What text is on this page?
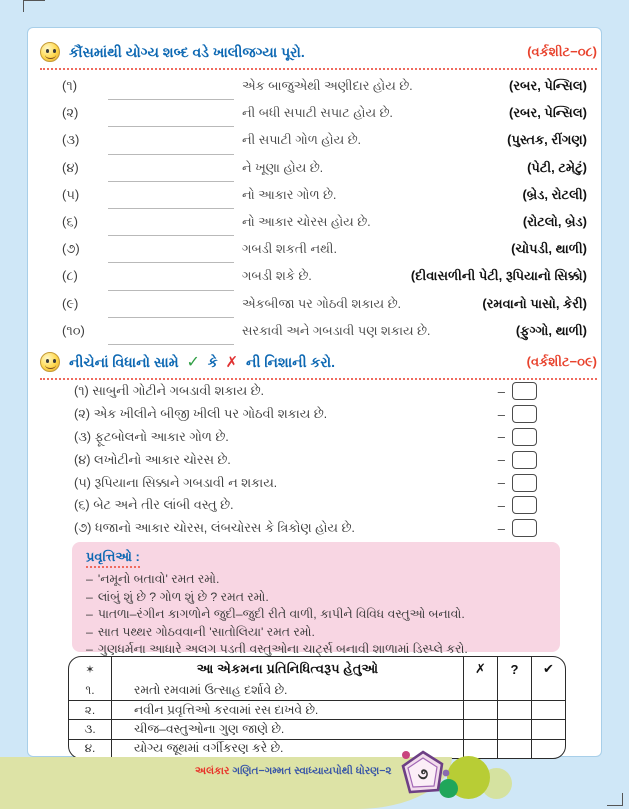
કૌંસમાંથી યોગ્ય શબ્દ વડે ખાલીજગ્યા પૂરો.	(વર્કશીટ−૦૮)
(૧)	એક બાજુએથી અણીદાર હોય છે.	(રબર, પેન્સિલ)
(૨)	ની બધી સપાટી સપાટ હોય છે.	(રબર, પેન્સિલ)
(૩)	ની સપાટી ગોળ હોય છે.	(પુસ્તક, રીંગણ)
(૪)	ને ખૂણા હોય છે.	(પેટી, ટમેટું)
(૫)	નો આકાર ગોળ છે.	(બ્રેડ, રોટલી)
(૬)	નો આકાર ચોરસ હોય છે.	(રોટલો, બ્રેડ)
(૭)	ગબડી શકતી નથી.	(ચોપડી, થાળી)
(૮)	ગબડી શકે છે.	(દીવાસળીની પેટી, રૂપિયાનો સિક્કો)
(૯)	એકબીજા પર ગોઠવી શકાય છે.	(રમવાનો પાસો, કેરી)
(૧૦)	સરકાવી અને ગબડાવી પણ શકાય છે.	(ફુગ્ગો, થાળી)
નીચેનાં વિધાનો સામે ✓ કે ✗ ની નિશાની કરો.	(વર્કશીટ−૦૯)
(૧) સાબુની ગોટીને ગબડાવી શકાય છે.	–
(૨) એક ખીલીને બીજી ખીલી પર ગોઠવી શકાય છે.	–
(૩) ફૂટબોલનો આકાર ગોળ છે.	–
(૪) લખોટીનો આકાર ચોરસ છે.	–
(૫) રૂપિયાના સિક્કાને ગબડાવી ન શકાય.	–
(૬) બેટ અને તીર લાંબી વસ્તુ છે.	–
(૭) ધજાનો આકાર ચોરસ, લંબચોરસ કે ત્રિકોણ હોય છે.	–
પ્રવૃત્તિઓ :
– 'નમૂનો બતાવો' રમત રમો.
– લાંબું શું છે ? ગોળ શું છે ? રમત રમો.
– પાતળા–રંગીન કાગળોને જુદી–જુદી રીતે વાળી, કાપીને વિવિધ વસ્તુઓ બનાવો.
– સાત પથ્થર ગોઠવવાની 'સાતોલિયા' રમત રમો.
– ગુણધર્મના આધારે અલગ પડતી વસ્તુઓના ચાર્ટ્સ બનાવી શાળામાં ડિસ્પ્લે કરો.
✶	આ એકમના પ્રતિનિધિત્વરૂપ હેતુઓ	✗	?	✔
૧.	રમતો રમવામાં ઉત્સાહ દર્શાવે છે.
૨.	નવીન પ્રવૃત્તિઓ કરવામાં રસ દાખવે છે.
૩.	ચીજ–વસ્તુઓના ગુણ જાણે છે.
૪.	યોગ્ય જૂથમાં વર્ગીકરણ કરે છે.
અલંકાર ગણિત−ગમ્મત સ્વાધ્યાયપોથી ધોરણ−૨ ૭
